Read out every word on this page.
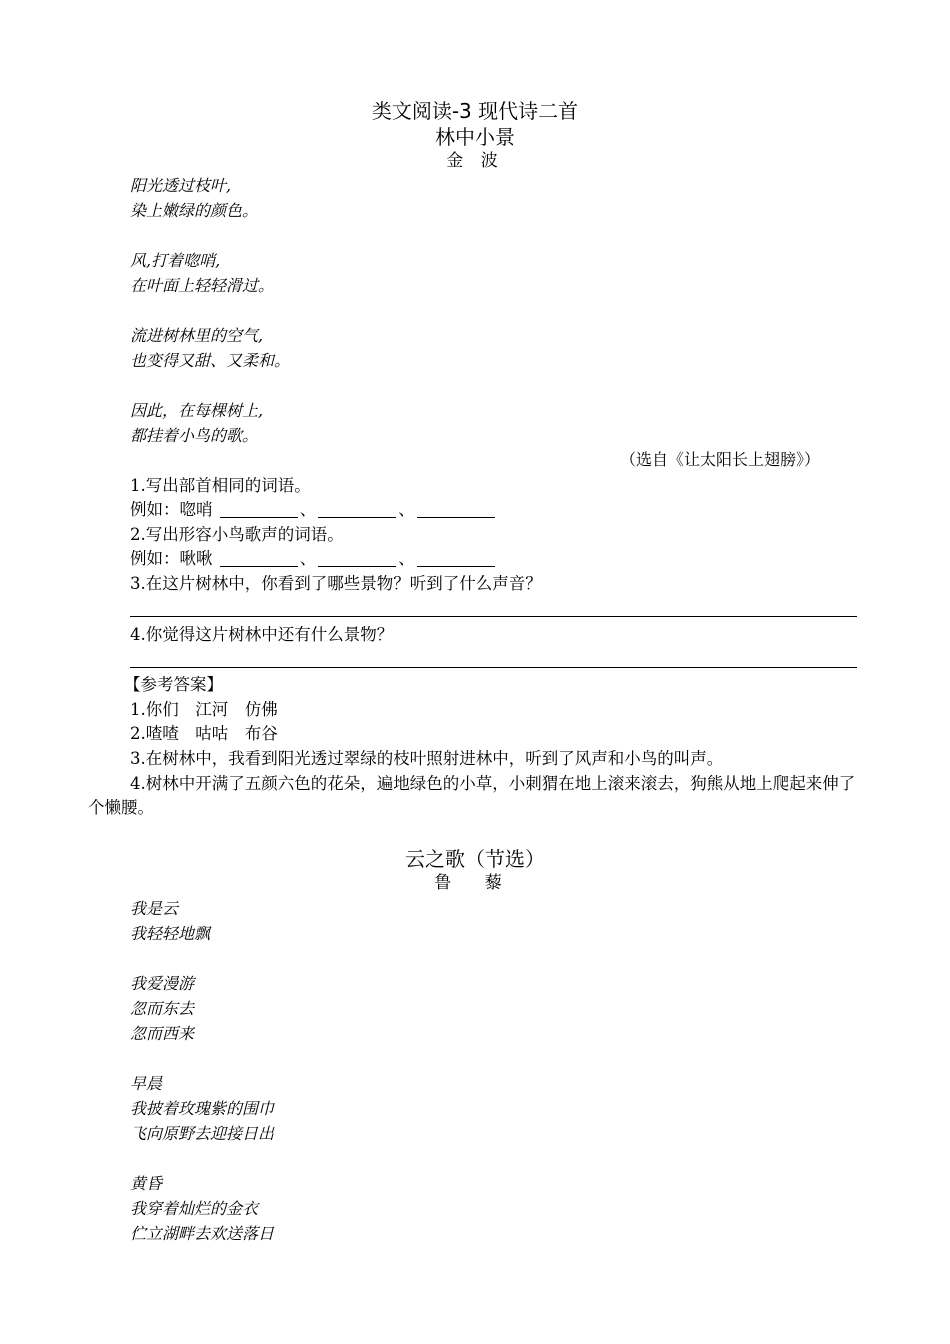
类文阅读-3 现代诗二首
林中小景
金 波
阳光透过枝叶,
染上嫩绿的颜色。
风,打着唿哨,
在叶面上轻轻滑过。
流进树林里的空气,
也变得又甜、又柔和。
因此，在每棵树上,
都挂着小鸟的歌。
（选自《让太阳长上翅膀》）
1.写出部首相同的词语。
例如：唿哨	、	、
2.写出形容小鸟歌声的词语。
例如：啾啾	、	、
3.在这片树林中，你看到了哪些景物？听到了什么声音？
4.你觉得这片树林中还有什么景物？
【参考答案】
1.你们　江河　仿佛
2.喳喳　咕咕　布谷
3.在树林中，我看到阳光透过翠绿的枝叶照射进林中，听到了风声和小鸟的叫声。
4.树林中开满了五颜六色的花朵，遍地绿色的小草，小刺猬在地上滚来滚去，狗熊从地上爬起来伸了个懒腰。
云之歌（节选）
鲁 藜
我是云
我轻轻地飘
我爱漫游
忽而东去
忽而西来
早晨
我披着玫瑰紫的围巾
飞向原野去迎接日出
黄昏
我穿着灿烂的金衣
伫立湖畔去欢送落日
